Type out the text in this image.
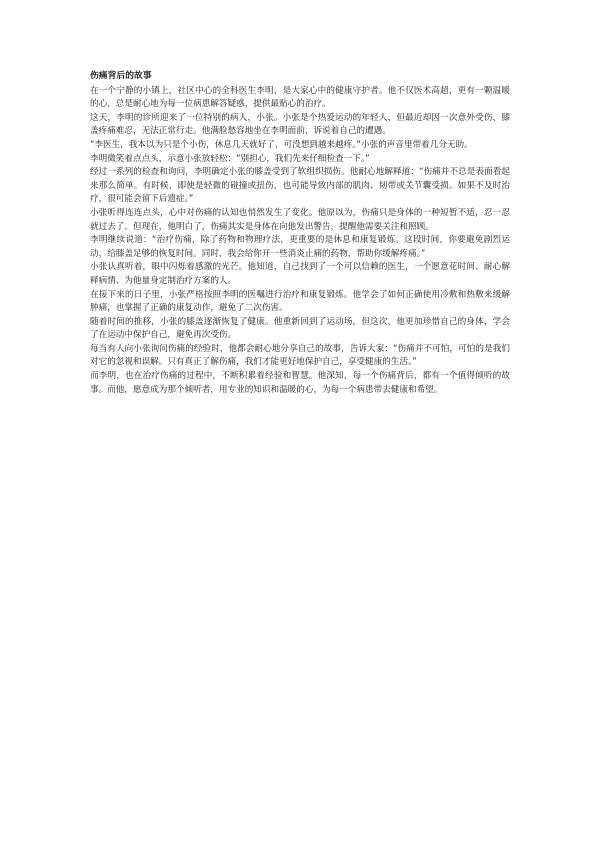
伤痛背后的故事

在一个宁静的小镇上，社区中心的全科医生李明，是大家心中的健康守护者。他不仅医术高超，更有一颗温暖的心，总是耐心地为每一位病患解答疑惑，提供最贴心的治疗。

这天，李明的诊所迎来了一位特别的病人，小张。小张是个热爱运动的年轻人，但最近却因一次意外受伤，膝盖疼痛难忍，无法正常行走。他满脸愁容地坐在李明面前，诉说着自己的遭遇。

“李医生，我本以为只是个小伤，休息几天就好了，可没想到越来越疼。”小张的声音里带着几分无助。

李明微笑着点点头，示意小张放轻松：“别担心，我们先来仔细检查一下。”

经过一系列的检查和询问，李明确定小张的膝盖受到了软组织损伤。他耐心地解释道：“伤痛并不总是表面看起来那么简单。有时候，即使是轻微的碰撞或扭伤，也可能导致内部的肌肉、韧带或关节囊受损。如果不及时治疗，很可能会留下后遗症。”

小张听得连连点头，心中对伤痛的认知也悄然发生了变化。他原以为，伤痛只是身体的一种短暂不适，忍一忍就过去了。但现在，他明白了，伤痛其实是身体在向他发出警告，提醒他需要关注和照顾。

李明继续说道：“治疗伤痛，除了药物和物理疗法，更重要的是休息和康复锻炼。这段时间，你要避免剧烈运动，给膝盖足够的恢复时间。同时，我会给你开一些消炎止痛的药物，帮助你缓解疼痛。”

小张认真听着，眼中闪烁着感激的光芒。他知道，自己找到了一个可以信赖的医生，一个愿意花时间、耐心解释病情、为他量身定制治疗方案的人。

在接下来的日子里，小张严格按照李明的医嘱进行治疗和康复锻炼。他学会了如何正确使用冷敷和热敷来缓解肿痛，也掌握了正确的康复动作，避免了二次伤害。

随着时间的推移，小张的膝盖逐渐恢复了健康。他重新回到了运动场，但这次，他更加珍惜自己的身体，学会了在运动中保护自己，避免再次受伤。

每当有人向小张询问伤痛的经验时，他都会耐心地分享自己的故事，告诉大家：“伤痛并不可怕，可怕的是我们对它的忽视和误解。只有真正了解伤痛，我们才能更好地保护自己，享受健康的生活。”

而李明，也在治疗伤痛的过程中，不断积累着经验和智慧。他深知，每一个伤痛背后，都有一个值得倾听的故事。而他，愿意成为那个倾听者，用专业的知识和温暖的心，为每一个病患带去健康和希望。
